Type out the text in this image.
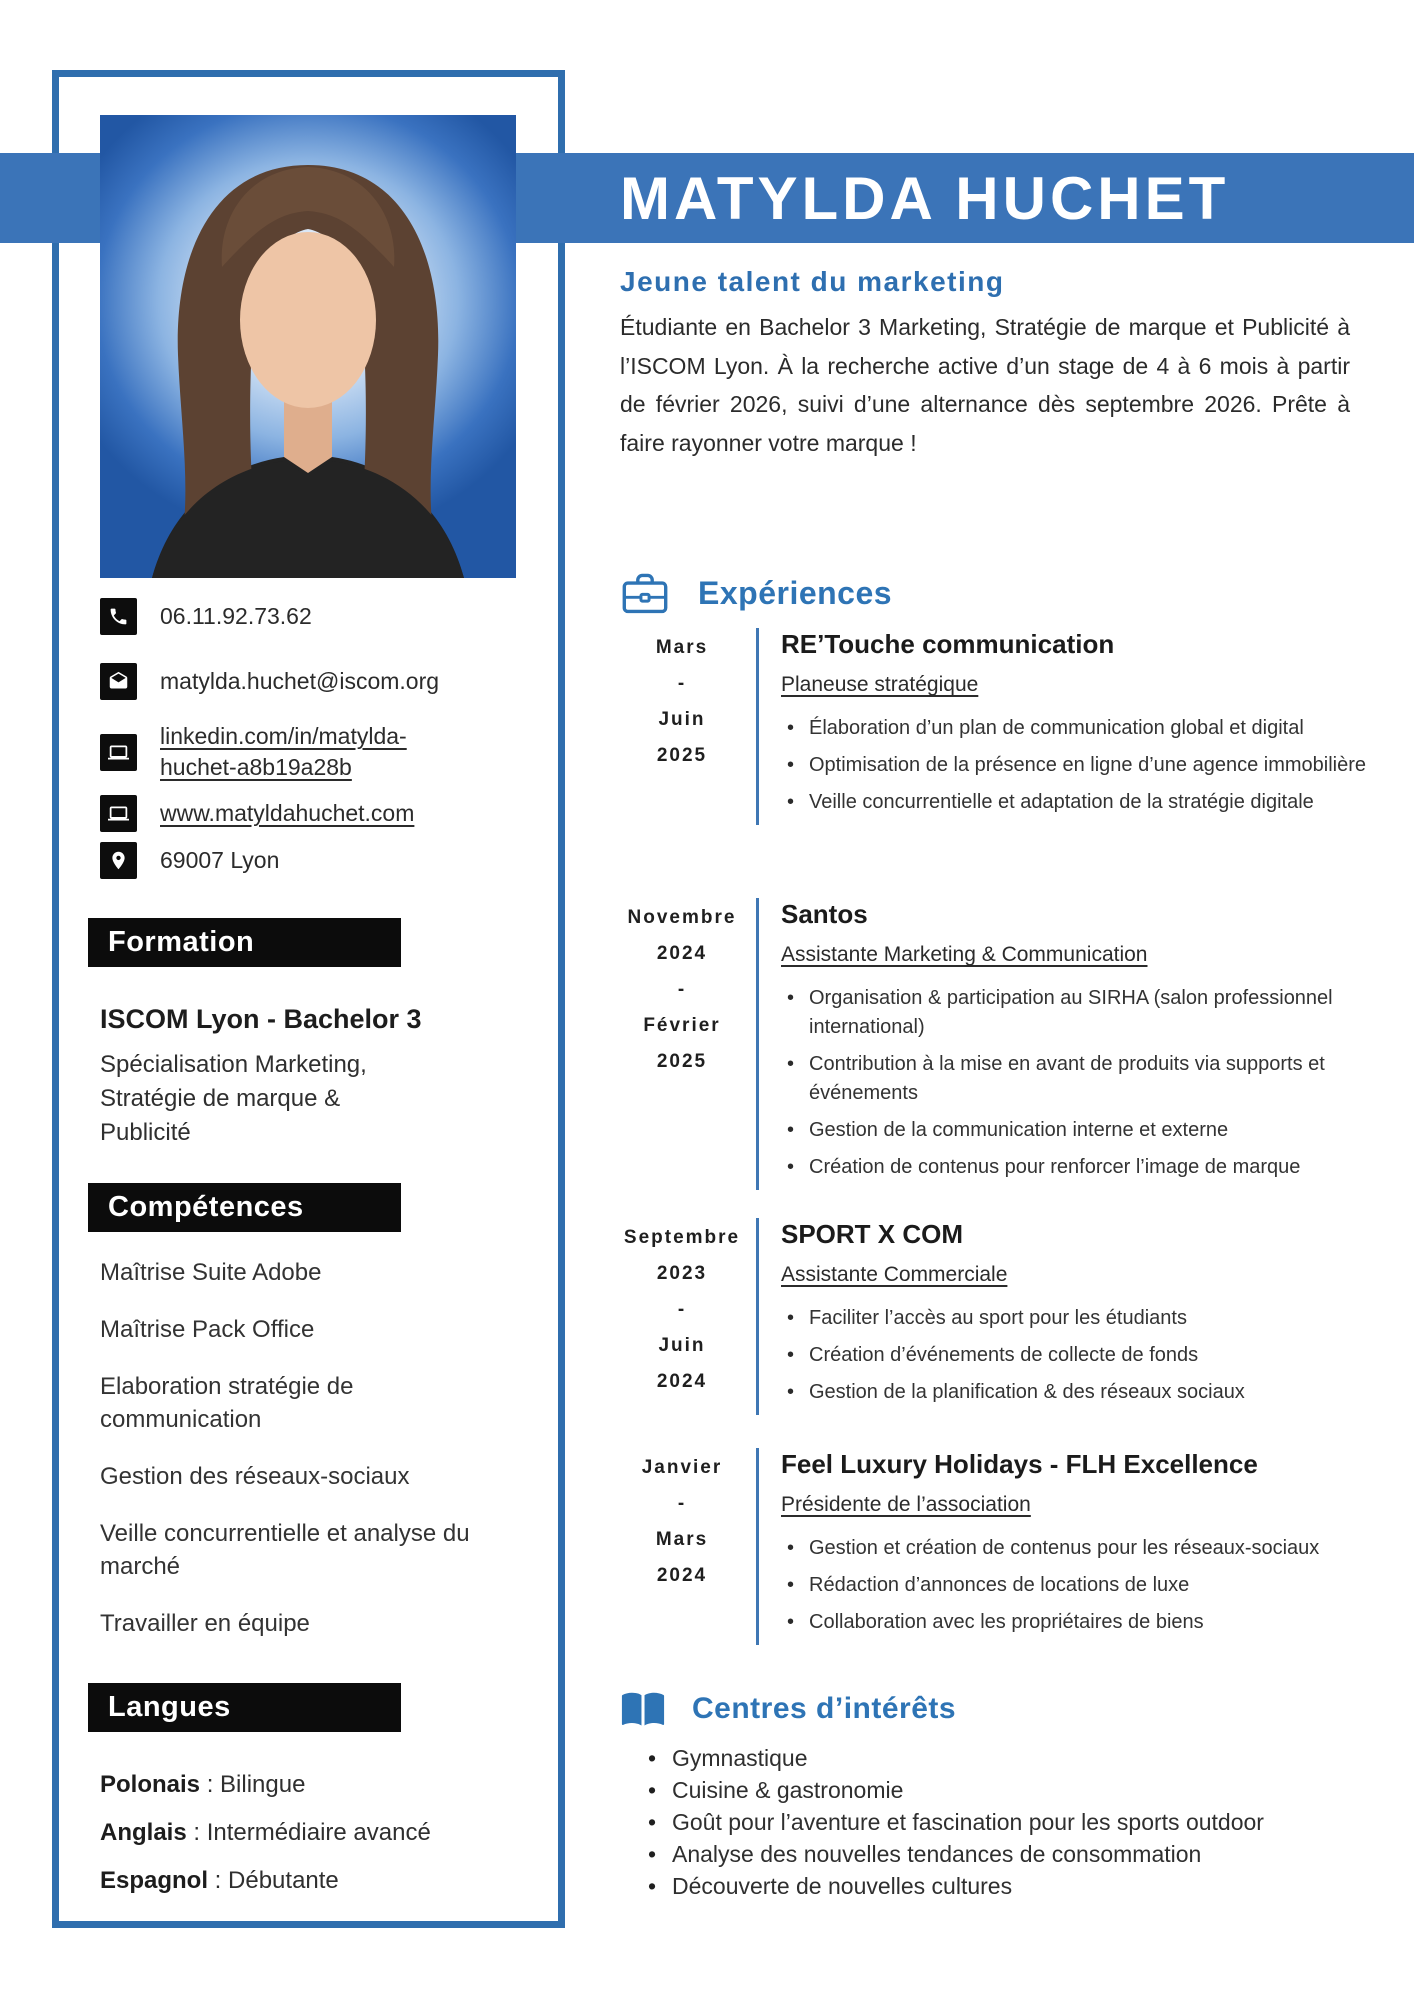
MATYLDA HUCHET
06.11.92.73.62
matylda.huchet@iscom.org
linkedin.com/in/matylda-huchet-a8b19a28b
www.matyldahuchet.com
69007 Lyon
Formation
ISCOM Lyon - Bachelor 3
Spécialisation Marketing, Stratégie de marque & Publicité
Compétences
Maîtrise Suite Adobe
Maîtrise Pack Office
Elaboration stratégie de communication
Gestion des réseaux-sociaux
Veille concurrentielle et analyse du marché
Travailler en équipe
Langues
Polonais : Bilingue
Anglais : Intermédiaire avancé
Espagnol : Débutante
Jeune talent du marketing
Étudiante en Bachelor 3 Marketing, Stratégie de marque et Publicité à l’ISCOM Lyon. À la recherche active d’un stage de 4 à 6 mois à partir de février 2026, suivi d’une alternance dès septembre 2026. Prête à faire rayonner votre marque !
Expériences
Mars
-
Juin
2025
RE’Touche communication
Planeuse stratégique
• Élaboration d’un plan de communication global et digital
• Optimisation de la présence en ligne d’une agence immobilière
• Veille concurrentielle et adaptation de la stratégie digitale
Novembre
2024
-
Février
2025
Santos
Assistante Marketing & Communication
• Organisation & participation au SIRHA (salon professionnel international)
• Contribution à la mise en avant de produits via supports et événements
• Gestion de la communication interne et externe
• Création de contenus pour renforcer l’image de marque
Septembre
2023
-
Juin
2024
SPORT X COM
Assistante Commerciale
• Faciliter l’accès au sport pour les étudiants
• Création d’événements de collecte de fonds
• Gestion de la planification & des réseaux sociaux
Janvier
-
Mars
2024
Feel Luxury Holidays - FLH Excellence
Présidente de l’association
• Gestion et création de contenus pour les réseaux-sociaux
• Rédaction d’annonces de locations de luxe
• Collaboration avec les propriétaires de biens
Centres d’intérêts
• Gymnastique
• Cuisine & gastronomie
• Goût pour l’aventure et fascination pour les sports outdoor
• Analyse des nouvelles tendances de consommation
• Découverte de nouvelles cultures
